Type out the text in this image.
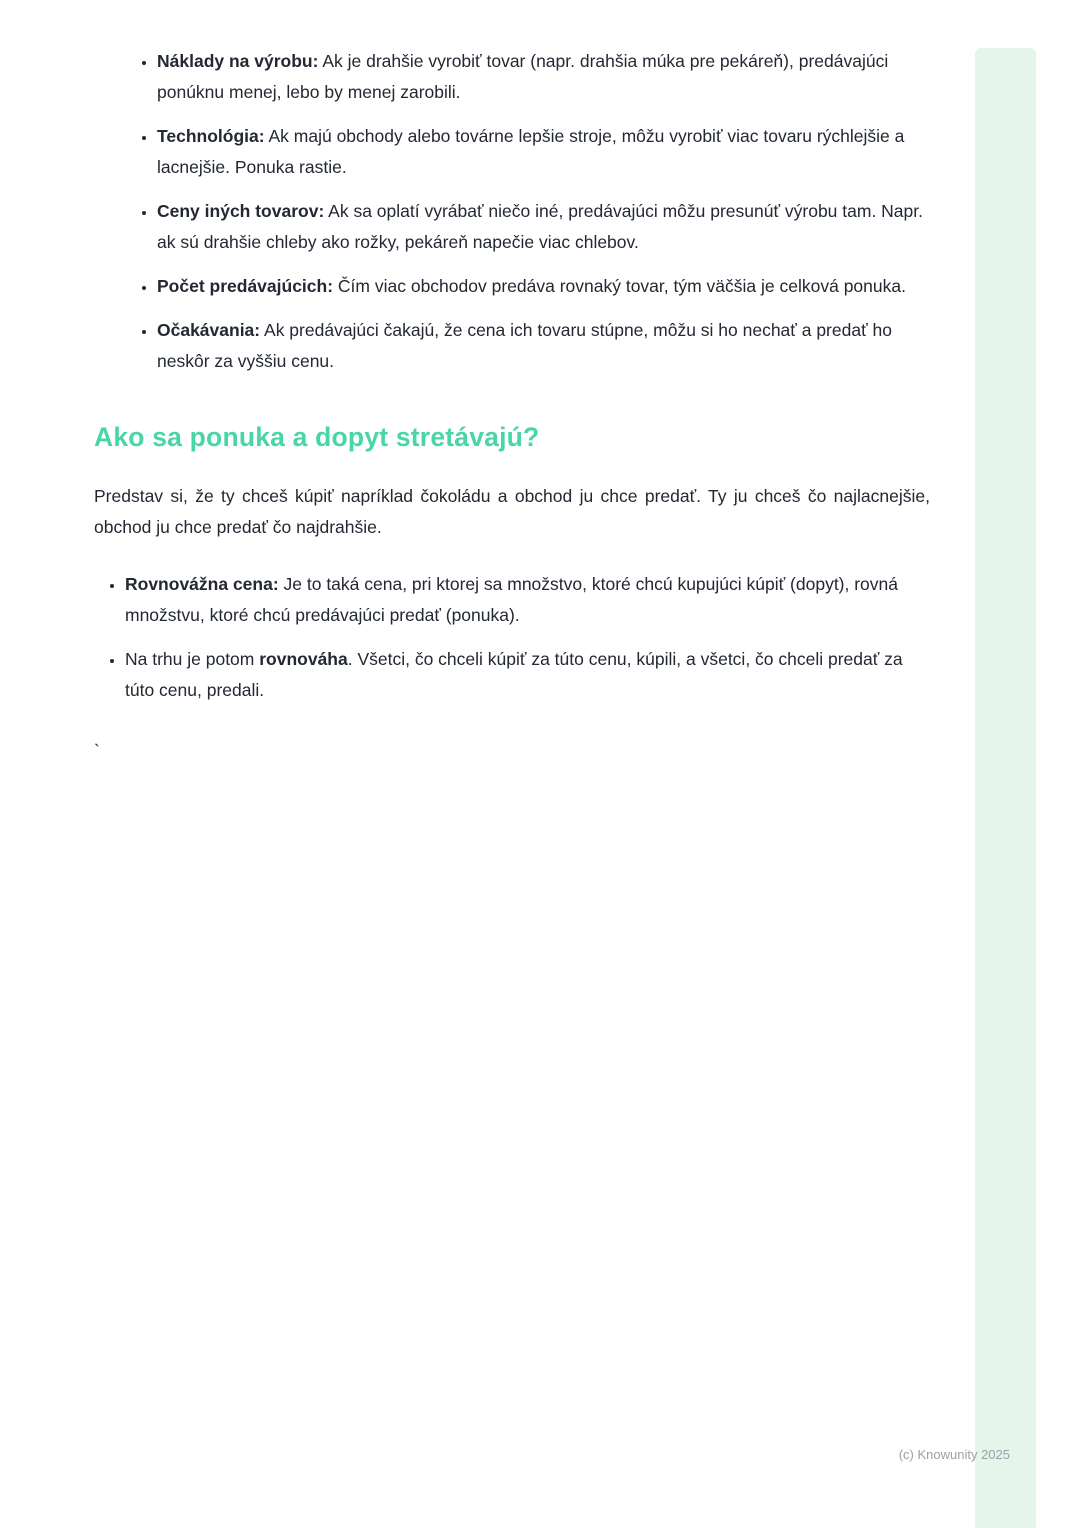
• Náklady na výrobu: Ak je drahšie vyrobiť tovar (napr. drahšia múka pre pekáreň), predávajúci ponúknu menej, lebo by menej zarobili.
• Technológia: Ak majú obchody alebo továrne lepšie stroje, môžu vyrobiť viac tovaru rýchlejšie a lacnejšie. Ponuka rastie.
• Ceny iných tovarov: Ak sa oplatí vyrábať niečo iné, predávajúci môžu presunúť výrobu tam. Napr. ak sú drahšie chleby ako rožky, pekáreň napečie viac chlebov.
• Počet predávajúcich: Čím viac obchodov predáva rovnaký tovar, tým väčšia je celková ponuka.
• Očakávania: Ak predávajúci čakajú, že cena ich tovaru stúpne, môžu si ho nechať a predať ho neskôr za vyššiu cenu.
Ako sa ponuka a dopyt stretávajú?

Predstav si, že ty chceš kúpiť napríklad čokoládu a obchod ju chce predať. Ty ju chceš čo najlacnejšie, obchod ju chce predať čo najdrahšie.

• Rovnovážna cena: Je to taká cena, pri ktorej sa množstvo, ktoré chcú kupujúci kúpiť (dopyt), rovná množstvu, ktoré chcú predávajúci predať (ponuka).
• Na trhu je potom rovnováha. Všetci, čo chceli kúpiť za túto cenu, kúpili, a všetci, čo chceli predať za túto cenu, predali.
`
(c) Knowunity 2025
